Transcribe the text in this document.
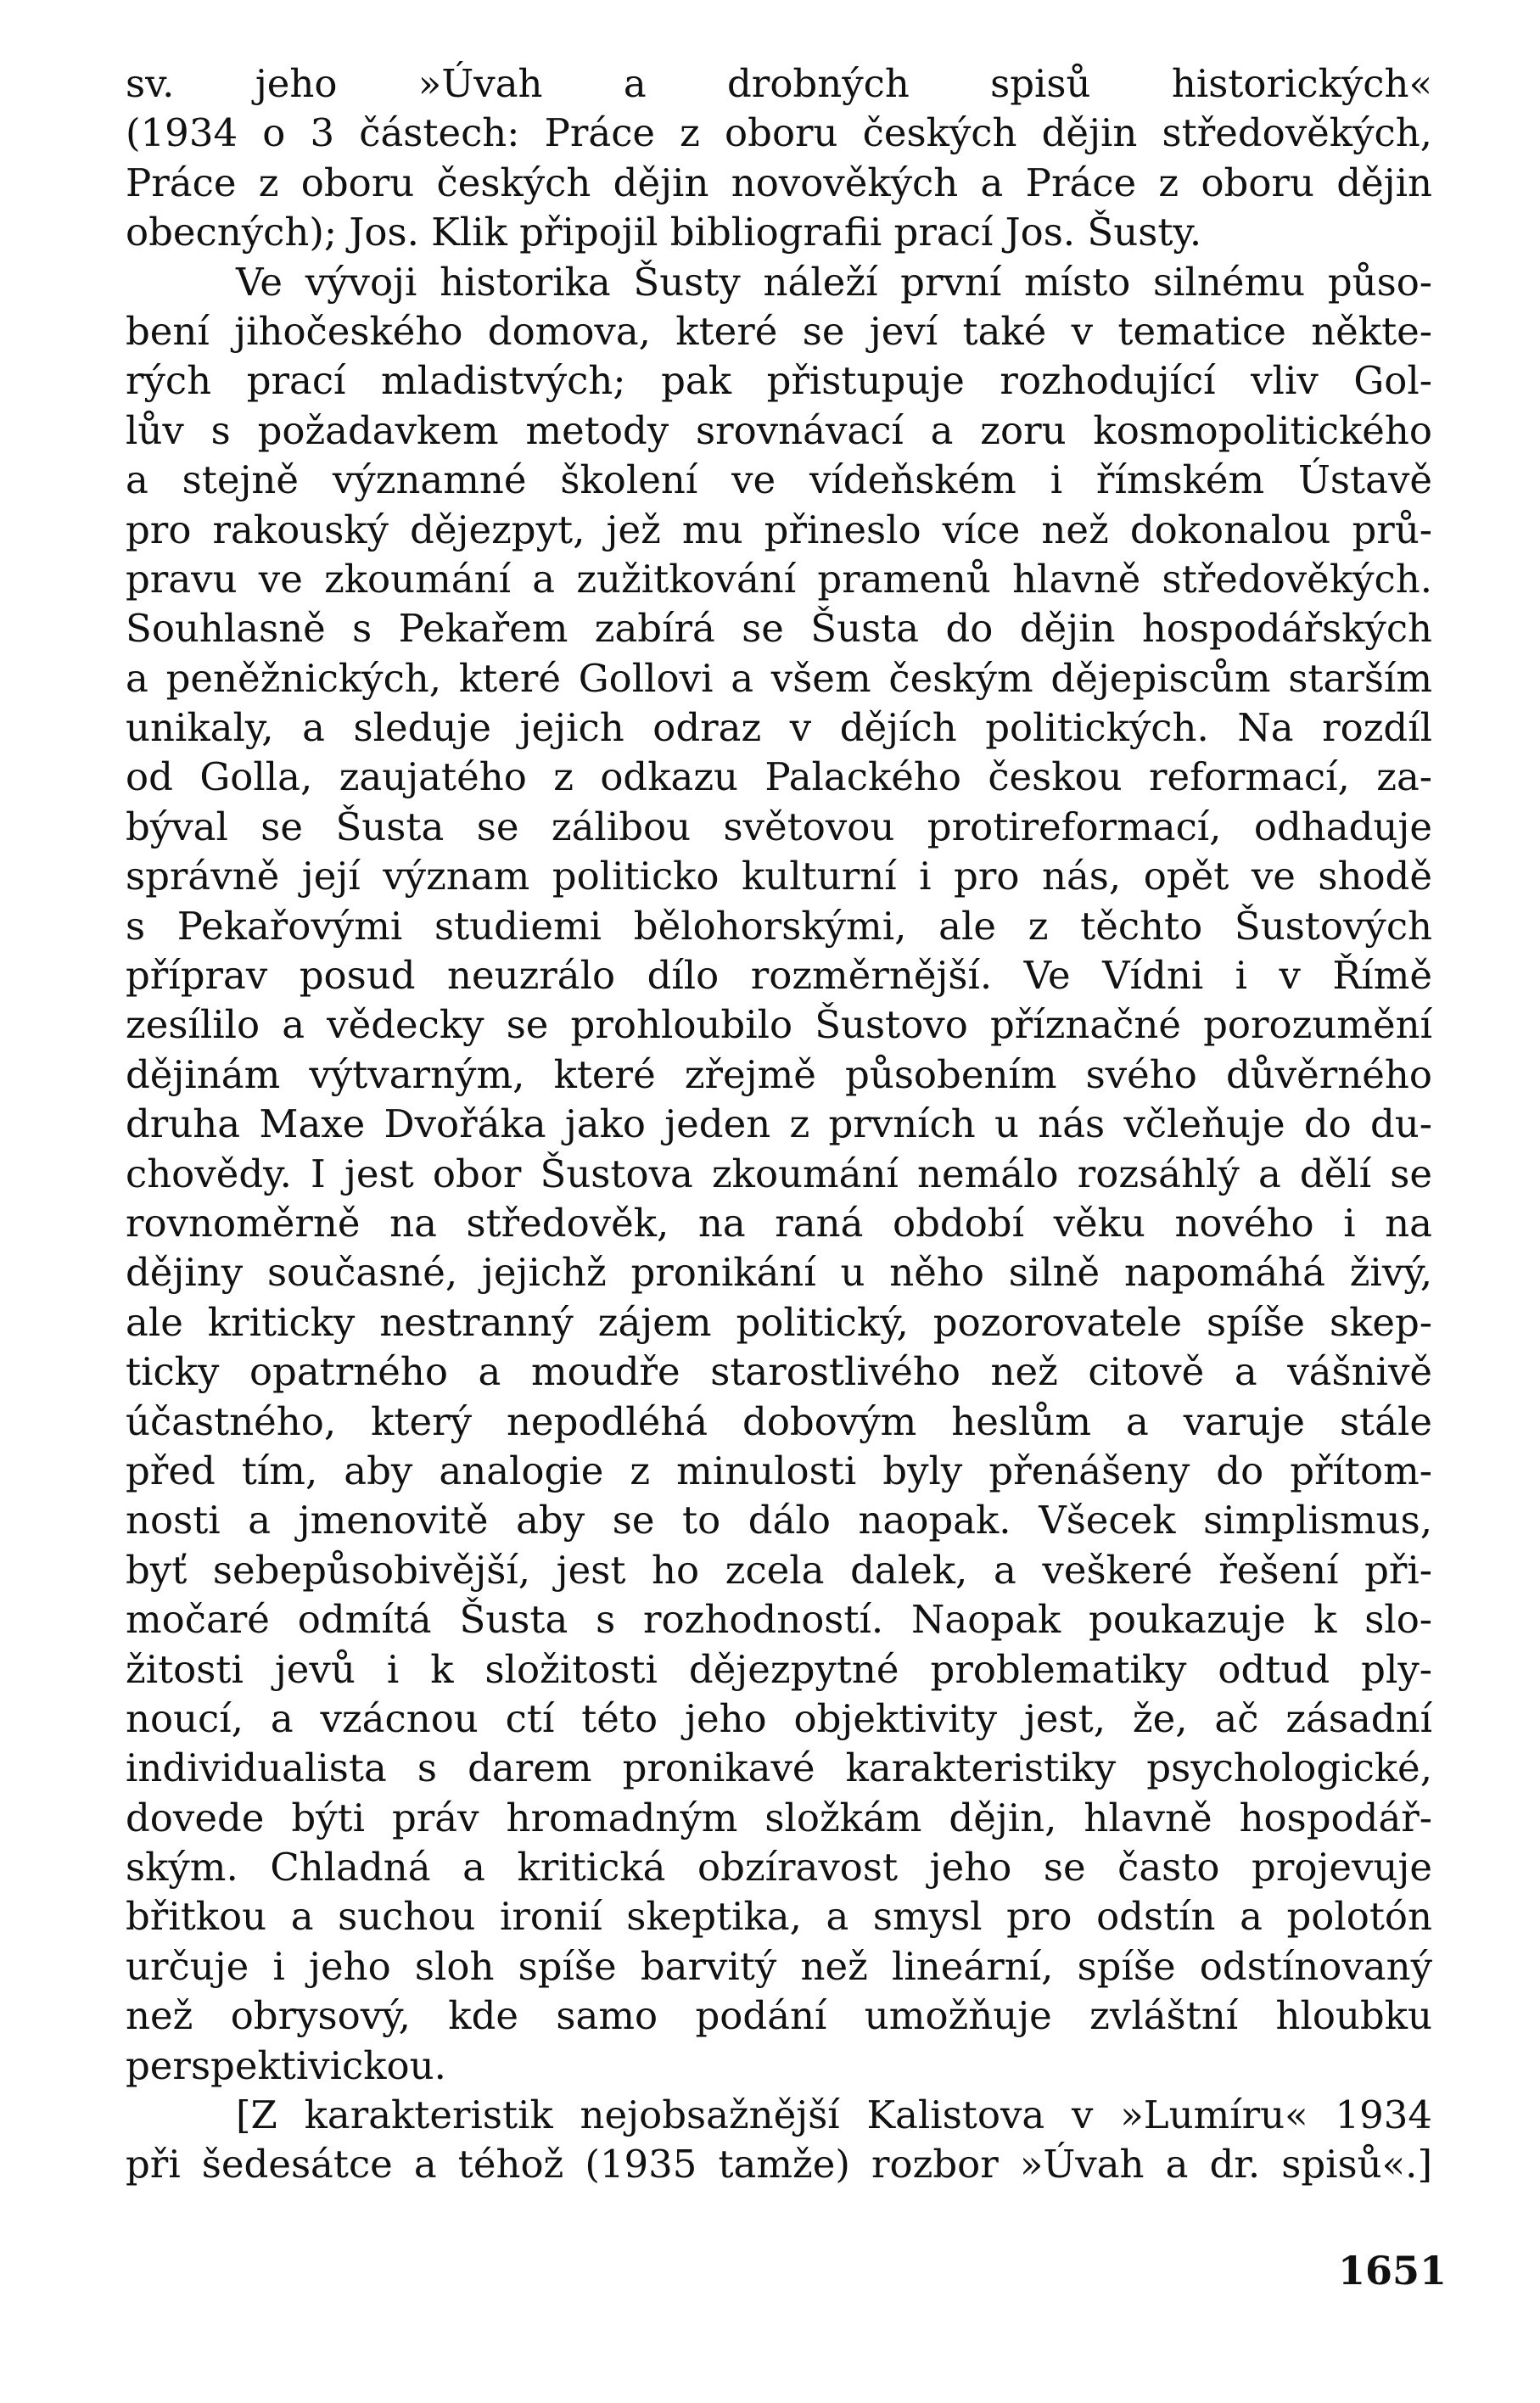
sv. jeho »Úvah a drobných spisů historických«
(1934 o 3 částech: Práce z oboru českých dějin středověkých,
Práce z oboru českých dějin novověkých a Práce z oboru dějin
obecných); Jos. Klik připojil bibliografii prací Jos. Šusty.
Ve vývoji historika Šusty náleží první místo silnému půso-
bení jihočeského domova, které se jeví také v tematice někte-
rých prací mladistvých; pak přistupuje rozhodující vliv Gol-
lův s požadavkem metody srovnávací a zoru kosmopolitického
a stejně významné školení ve vídeňském i římském Ústavě
pro rakouský dějezpyt, jež mu přineslo více než dokonalou prů-
pravu ve zkoumání a zužitkování pramenů hlavně středověkých.
Souhlasně s Pekařem zabírá se Šusta do dějin hospodářských
a peněžnických, které Gollovi a všem českým dějepiscům starším
unikaly, a sleduje jejich odraz v dějích politických. Na rozdíl
od Golla, zaujatého z odkazu Palackého českou reformací, za-
býval se Šusta se zálibou světovou protireformací, odhaduje
správně její význam politicko kulturní i pro nás, opět ve shodě
s Pekařovými studiemi bělohorskými, ale z těchto Šustových
příprav posud neuzrálo dílo rozměrnější. Ve Vídni i v Římě
zesílilo a vědecky se prohloubilo Šustovo příznačné porozumění
dějinám výtvarným, které zřejmě působením svého důvěrného
druha Maxe Dvořáka jako jeden z prvních u nás včleňuje do du-
chovědy. I jest obor Šustova zkoumání nemálo rozsáhlý a dělí se
rovnoměrně na středověk, na raná období věku nového i na
dějiny současné, jejichž pronikání u něho silně napomáhá živý,
ale kriticky nestranný zájem politický, pozorovatele spíše skep-
ticky opatrného a moudře starostlivého než citově a vášnivě
účastného, který nepodléhá dobovým heslům a varuje stále
před tím, aby analogie z minulosti byly přenášeny do přítom-
nosti a jmenovitě aby se to dálo naopak. Všecek simplismus,
byť sebepůsobivější, jest ho zcela dalek, a veškeré řešení při-
močaré odmítá Šusta s rozhodností. Naopak poukazuje k slo-
žitosti jevů i k složitosti dějezpytné problematiky odtud ply-
noucí, a vzácnou ctí této jeho objektivity jest, že, ač zásadní
individualista s darem pronikavé karakteristiky psychologické,
dovede býti práv hromadným složkám dějin, hlavně hospodář-
ským. Chladná a kritická obzíravost jeho se často projevuje
břitkou a suchou ironií skeptika, a smysl pro odstín a polotón
určuje i jeho sloh spíše barvitý než lineární, spíše odstínovaný
než obrysový, kde samo podání umožňuje zvláštní hloubku
perspektivickou.
[Z karakteristik nejobsažnější Kalistova v »Lumíru« 1934
při šedesátce a téhož (1935 tamže) rozbor »Úvah a dr. spisů«.]
1651
